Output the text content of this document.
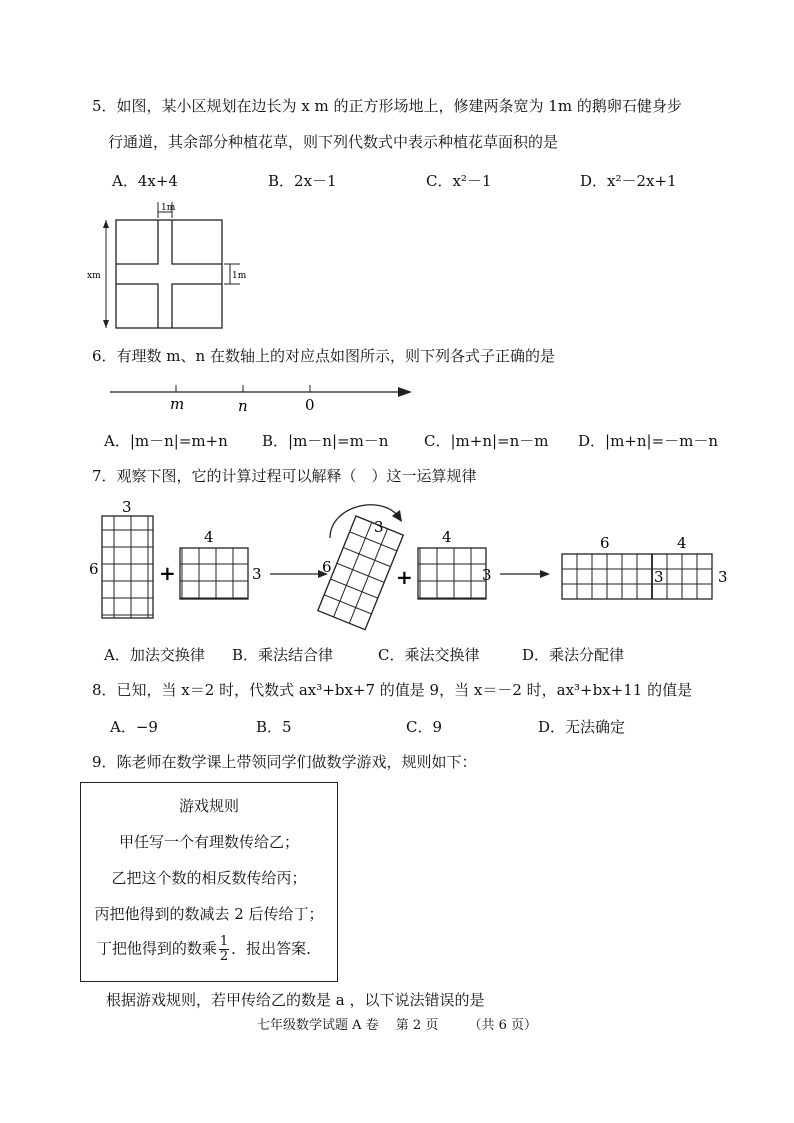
5．如图，某小区规划在边长为 x m 的正方形场地上，修建两条宽为 1m 的鹅卵石健身步
行通道，其余部分种植花草，则下列代数式中表示种植花草面积的是
A．4x+4	B．2x－1	C．x²－1	D．x²－2x+1
1m
1m
xm
6．有理数 m、n 在数轴上的对应点如图所示，则下列各式子正确的是
m	n	0
A．|m－n|=m+n B．|m－n|=m－n C．|m+n|=n－m D．|m+n|=－m－n
7．观察下图，它的计算过程可以解释（　）这一运算规律
3
6	+
4
3
3
6	+
4
3
6	4
3	3
A．加法交换律 B．乘法结合律	C．乘法交换律	D．乘法分配律
8．已知，当 x＝2 时，代数式 ax³+bx+7 的值是 9，当 x＝－2 时，ax³+bx+11 的值是
A．−9	B．5	C．9	D．无法确定
9．陈老师在数学课上带领同学们做数学游戏，规则如下：
游戏规则
甲任写一个有理数传给乙；
乙把这个数的相反数传给丙；
丙把他得到的数减去 2 后传给丁；
丁把他得到的数乘 $\frac{1}{2}$ ．报出答案．
根据游戏规则，若甲传给乙的数是 a ，以下说法错误的是
七年级数学试题 A 卷　 第 2 页　　 （共 6 页）
